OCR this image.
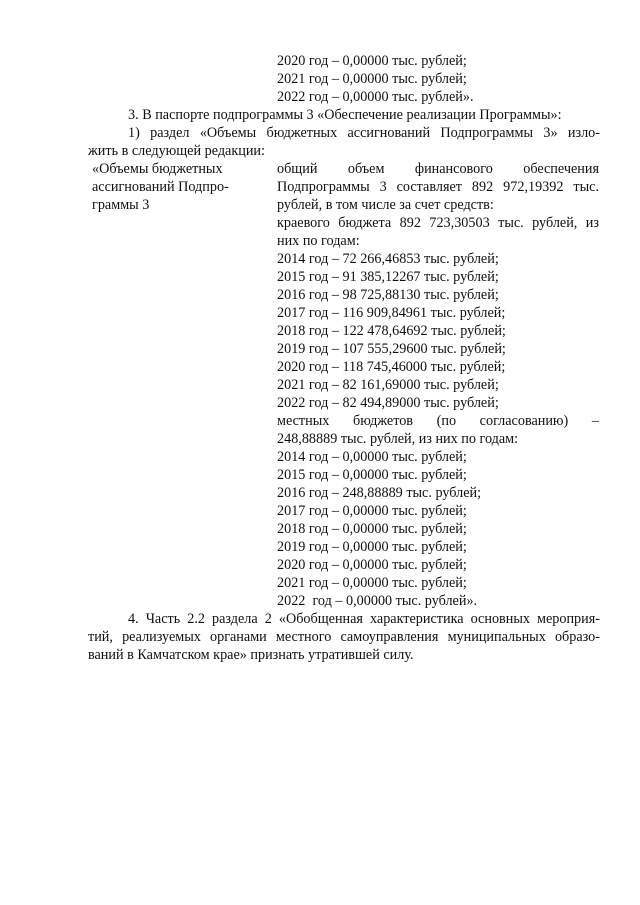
2020 год – 0,00000 тыс. рублей;
2021 год – 0,00000 тыс. рублей;
2022 год – 0,00000 тыс. рублей».
3. В паспорте подпрограммы 3 «Обеспечение реализации Программы»:
1) раздел «Объемы бюджетных ассигнований Подпрограммы 3» изло-
жить в следующей редакции:
«Объемы бюджетных
ассигнований Подпро-
граммы 3
общий объем финансового обеспечения
Подпрограммы 3 составляет 892 972,19392 тыс.
рублей, в том числе за счет средств:
краевого бюджета 892 723,30503 тыс. рублей, из
них по годам:
2014 год – 72 266,46853 тыс. рублей;
2015 год – 91 385,12267 тыс. рублей;
2016 год – 98 725,88130 тыс. рублей;
2017 год – 116 909,84961 тыс. рублей;
2018 год – 122 478,64692 тыс. рублей;
2019 год – 107 555,29600 тыс. рублей;
2020 год – 118 745,46000 тыс. рублей;
2021 год – 82 161,69000 тыс. рублей;
2022 год – 82 494,89000 тыс. рублей;
местных бюджетов (по согласованию) –
248,88889 тыс. рублей, из них по годам:
2014 год – 0,00000 тыс. рублей;
2015 год – 0,00000 тыс. рублей;
2016 год – 248,88889 тыс. рублей;
2017 год – 0,00000 тыс. рублей;
2018 год – 0,00000 тыс. рублей;
2019 год – 0,00000 тыс. рублей;
2020 год – 0,00000 тыс. рублей;
2021 год – 0,00000 тыс. рублей;
2022  год – 0,00000 тыс. рублей».
4. Часть 2.2 раздела 2 «Обобщенная характеристика основных мероприя-
тий, реализуемых органами местного самоуправления муниципальных образо-
ваний в Камчатском крае» признать утратившей силу.
